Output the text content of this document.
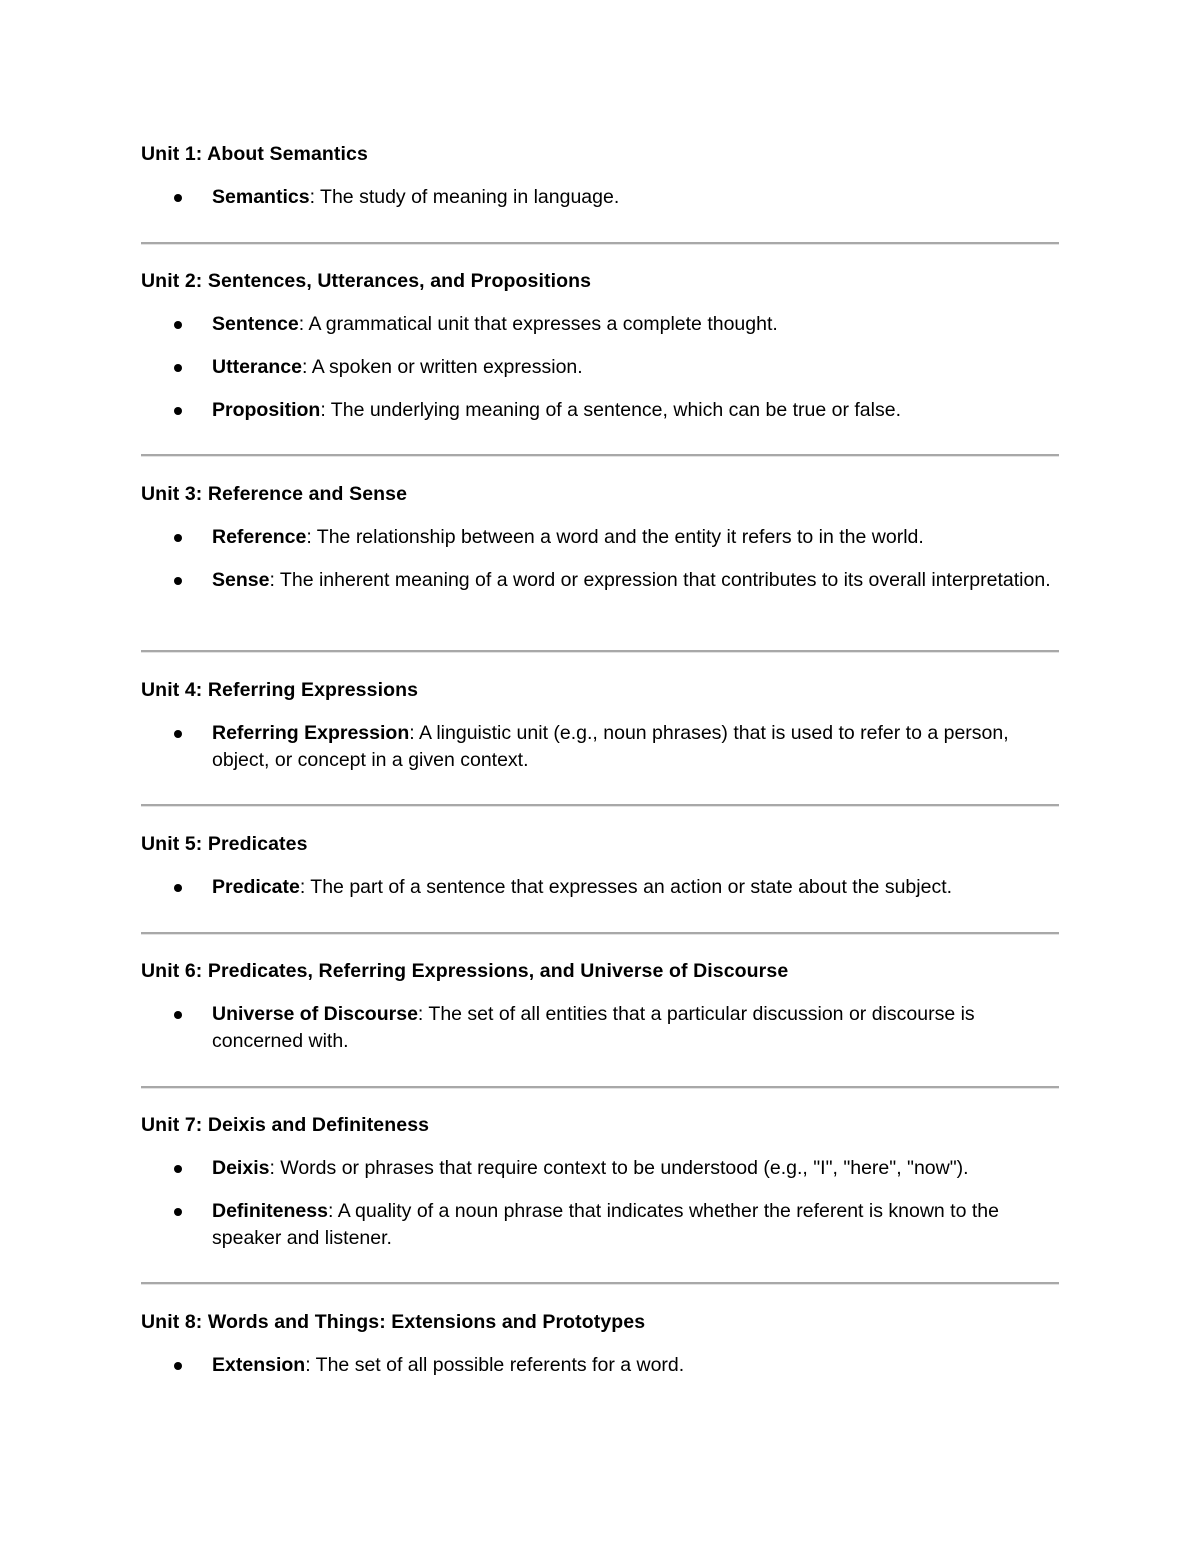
Unit 1: About Semantics
Semantics: The study of meaning in language.
Unit 2: Sentences, Utterances, and Propositions
Sentence: A grammatical unit that expresses a complete thought.
Utterance: A spoken or written expression.
Proposition: The underlying meaning of a sentence, which can be true or false.
Unit 3: Reference and Sense
Reference: The relationship between a word and the entity it refers to in the world.
Sense: The inherent meaning of a word or expression that contributes to its overall interpretation.
Unit 4: Referring Expressions
Referring Expression: A linguistic unit (e.g., noun phrases) that is used to refer to a person, object, or concept in a given context.
Unit 5: Predicates
Predicate: The part of a sentence that expresses an action or state about the subject.
Unit 6: Predicates, Referring Expressions, and Universe of Discourse
Universe of Discourse: The set of all entities that a particular discussion or discourse is concerned with.
Unit 7: Deixis and Definiteness
Deixis: Words or phrases that require context to be understood (e.g., "I", "here", "now").
Definiteness: A quality of a noun phrase that indicates whether the referent is known to the speaker and listener.
Unit 8: Words and Things: Extensions and Prototypes
Extension: The set of all possible referents for a word.
